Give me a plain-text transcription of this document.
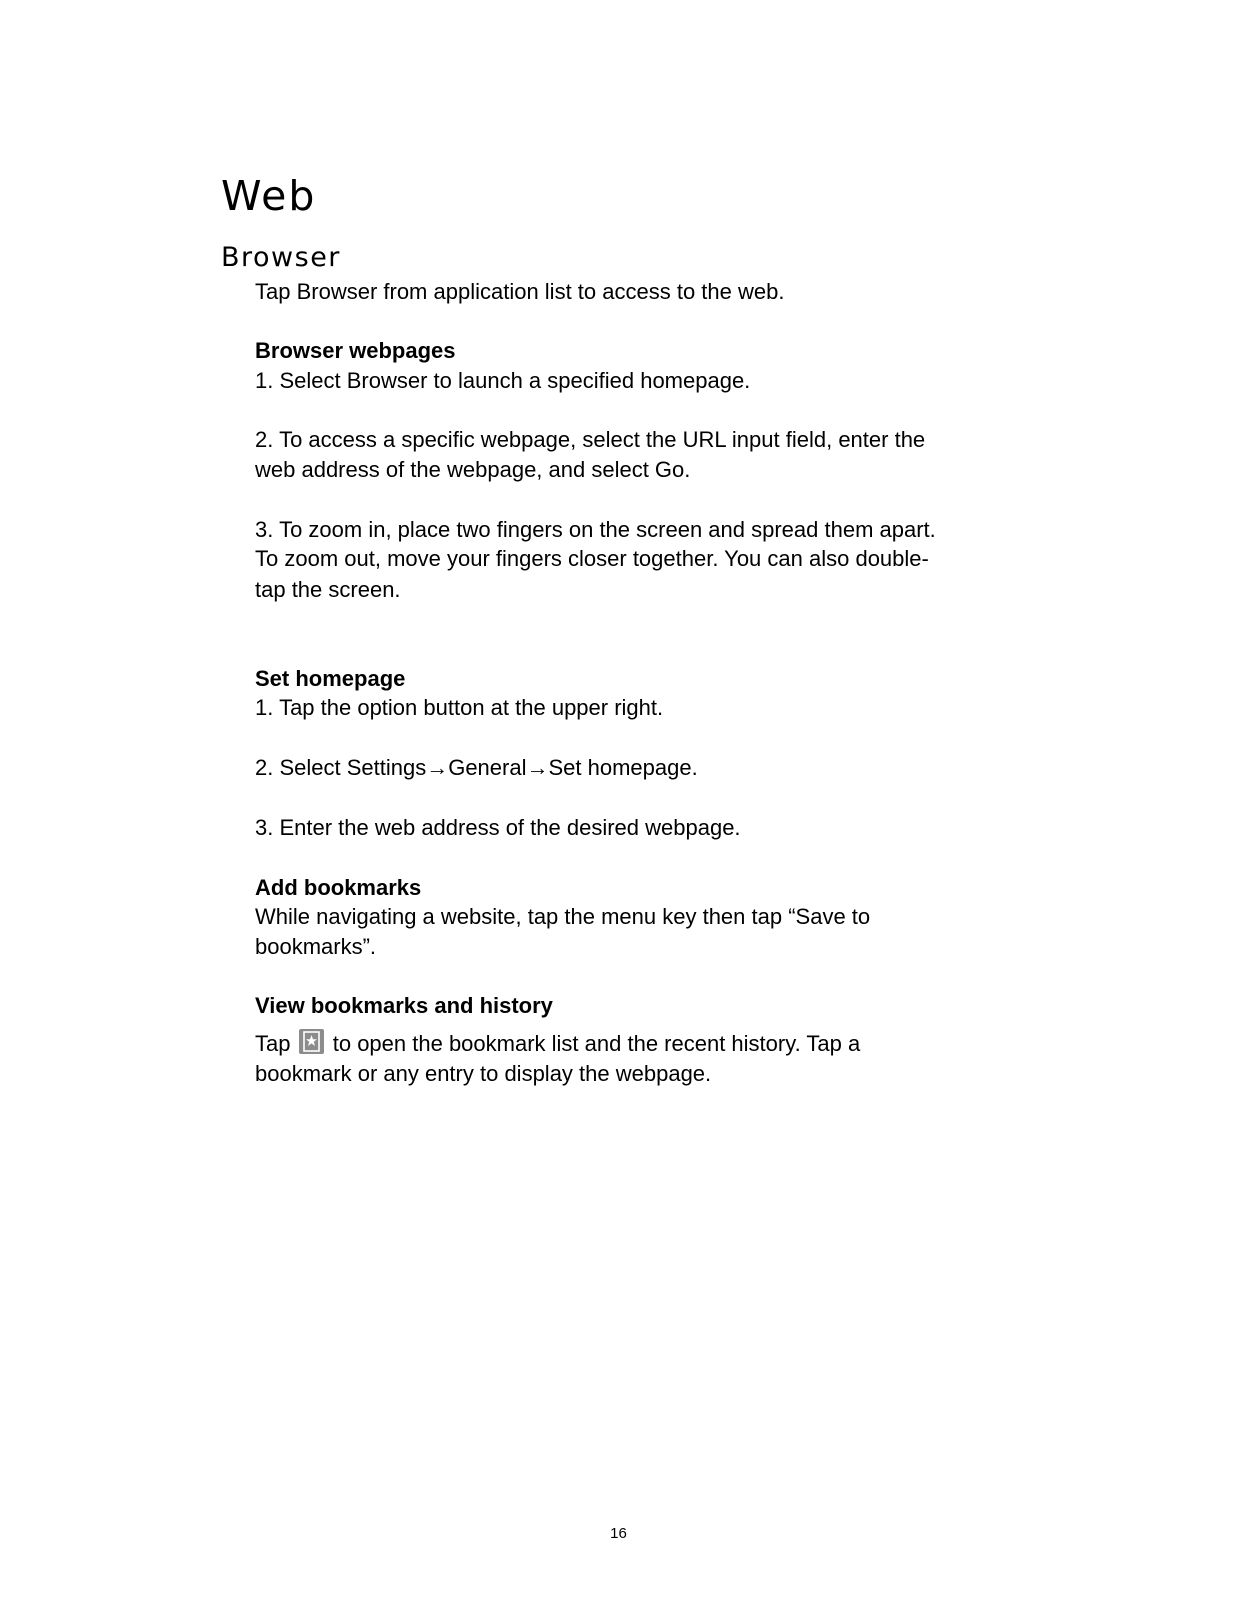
Web
Browser

Tap Browser from application list to access to the web.

Browser webpages

1. Select Browser to launch a specified homepage.

2. To access a specific webpage, select the URL input field, enter the

web address of the webpage, and select Go.

3. To zoom in, place two fingers on the screen and spread them apart.

To zoom out, move your fingers closer together. You can also double-

tap the screen.

Set homepage

1. Tap the option button at the upper right.

2. Select Settings→General→Set homepage.

3. Enter the web address of the desired webpage.

Add bookmarks

While navigating a website, tap the menu key then tap “Save to

bookmarks”.

View bookmarks and history

Tap to open the bookmark list and the recent history. Tap a

bookmark or any entry to display the webpage.

16
